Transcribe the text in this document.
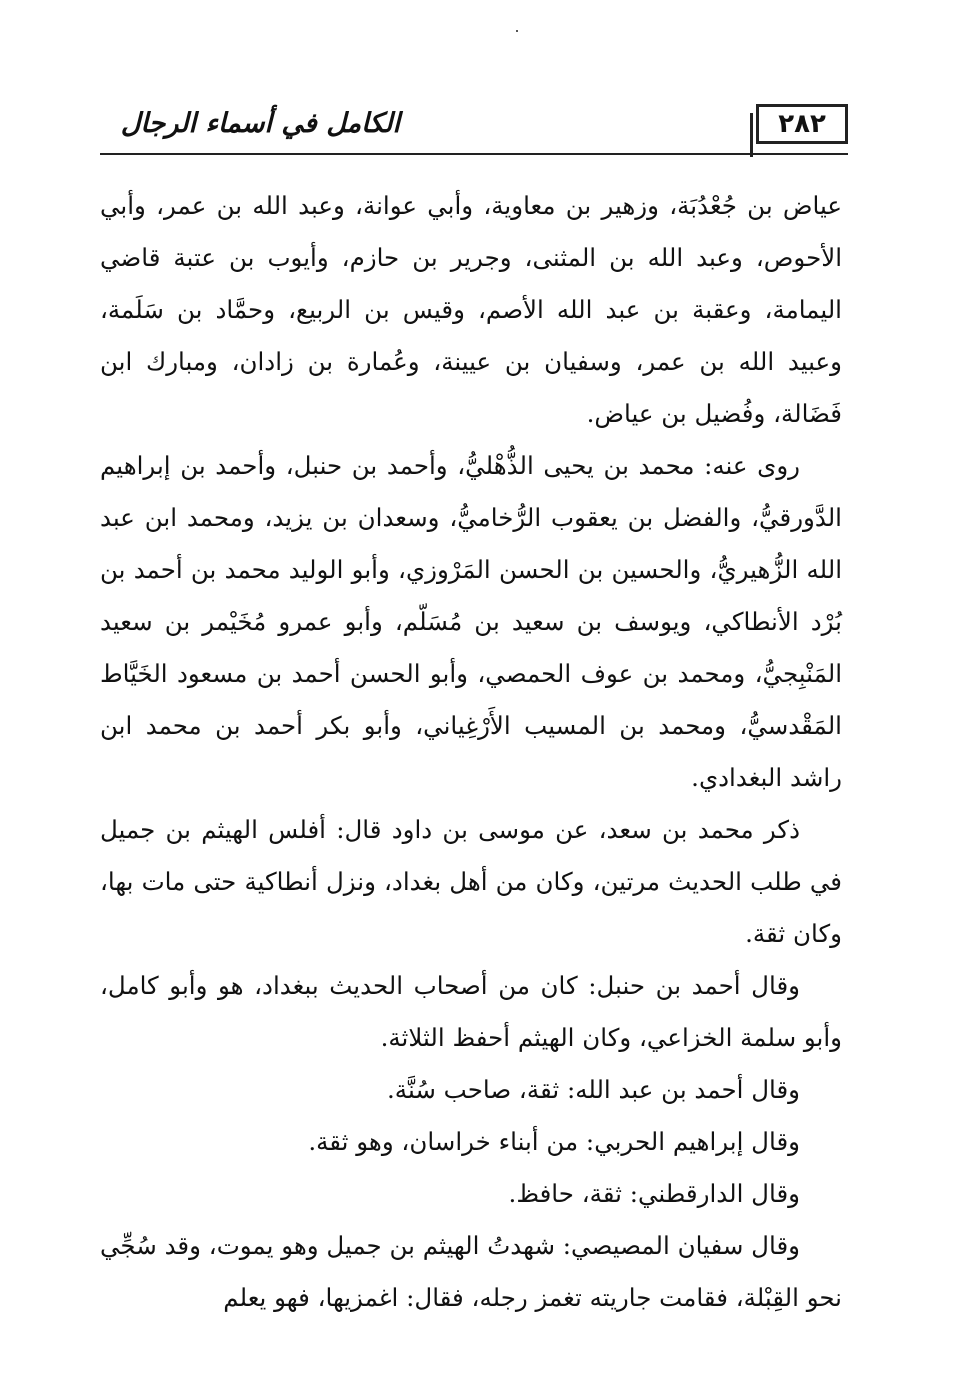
٢٨٢
الكامل في أسماء الرجال

عياض بن جُعْدُبَة، وزهير بن معاوية، وأبي عوانة، وعبد الله بن عمر، وأبي الأحوص، وعبد الله بن المثنى، وجرير بن حازم، وأيوب بن عتبة قاضي اليمامة، وعقبة بن عبد الله الأصم، وقيس بن الربيع، وحمَّاد بن سَلَمة، وعبيد الله بن عمر، وسفيان بن عيينة، وعُمارة بن زادان، ومبارك ابن فَضَالة، وفُضيل بن عياض.

روى عنه: محمد بن يحيى الذُّهْليُّ، وأحمد بن حنبل، وأحمد بن إبراهيم الدَّورقيُّ، والفضل بن يعقوب الرُّخاميُّ، وسعدان بن يزيد، ومحمد ابن عبد الله الزُّهيريُّ، والحسين بن الحسن المَرْوزي، وأبو الوليد محمد بن أحمد بن بُرْد الأنطاكي، ويوسف بن سعيد بن مُسَلّم، وأبو عمرو مُخَيْمر بن سعيد المَنْبِجيُّ، ومحمد بن عوف الحمصي، وأبو الحسن أحمد بن مسعود الخَيَّاط المَقْدسيُّ، ومحمد بن المسيب الأَرْغِياني، وأبو بكر أحمد بن محمد ابن راشد البغدادي.

ذكر محمد بن سعد، عن موسى بن داود قال: أفلس الهيثم بن جميل في طلب الحديث مرتين، وكان من أهل بغداد، ونزل أنطاكية حتى مات بها، وكان ثقة.

وقال أحمد بن حنبل: كان من أصحاب الحديث ببغداد، هو وأبو كامل، وأبو سلمة الخزاعي، وكان الهيثم أحفظ الثلاثة.

وقال أحمد بن عبد الله: ثقة، صاحب سُنَّة.

وقال إبراهيم الحربي: من أبناء خراسان، وهو ثقة.

وقال الدارقطني: ثقة، حافظ.

وقال سفيان المصيصي: شهدتُ الهيثم بن جميل وهو يموت، وقد سُجِّي نحو القِبْلة، فقامت جاريته تغمز رجله، فقال: اغمزيها، فهو يعلم
